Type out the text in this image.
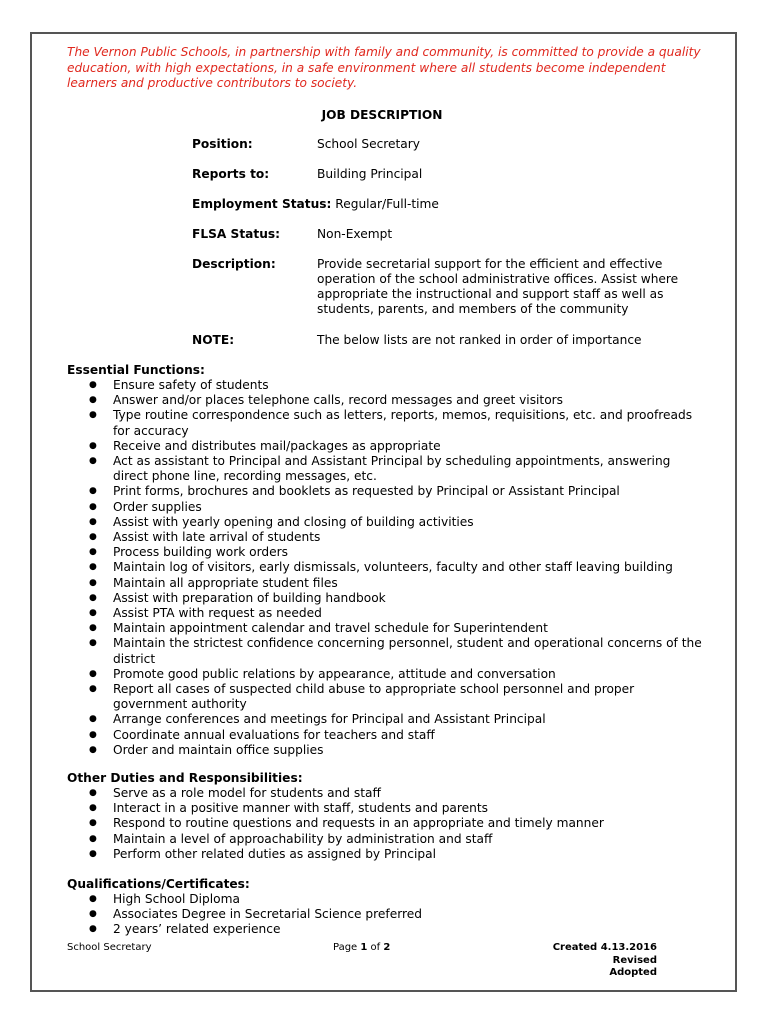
The Vernon Public Schools, in partnership with family and community, is committed to provide a quality education, with high expectations, in a safe environment where all students become independent learners and productive contributors to society.

JOB DESCRIPTION
Position:	School Secretary
Reports to:	Building Principal
Employment Status: Regular/Full-time
FLSA Status:	Non-Exempt
Description:	Provide secretarial support for the efficient and effective operation of the school administrative offices. Assist where appropriate the instructional and support staff as well as students, parents, and members of the community
NOTE:	The below lists are not ranked in order of importance
Essential Functions:
● Ensure safety of students
● Answer and/or places telephone calls, record messages and greet visitors
● Type routine correspondence such as letters, reports, memos, requisitions, etc. and proofreads for accuracy
● Receive and distributes mail/packages as appropriate
● Act as assistant to Principal and Assistant Principal by scheduling appointments, answering direct phone line, recording messages, etc.
● Print forms, brochures and booklets as requested by Principal or Assistant Principal
● Order supplies
● Assist with yearly opening and closing of building activities
● Assist with late arrival of students
● Process building work orders
● Maintain log of visitors, early dismissals, volunteers, faculty and other staff leaving building
● Maintain all appropriate student files
● Assist with preparation of building handbook
● Assist PTA with request as needed
● Maintain appointment calendar and travel schedule for Superintendent
● Maintain the strictest confidence concerning personnel, student and operational concerns of the district
● Promote good public relations by appearance, attitude and conversation
● Report all cases of suspected child abuse to appropriate school personnel and proper government authority
● Arrange conferences and meetings for Principal and Assistant Principal
● Coordinate annual evaluations for teachers and staff
● Order and maintain office supplies
Other Duties and Responsibilities:
● Serve as a role model for students and staff
● Interact in a positive manner with staff, students and parents
● Respond to routine questions and requests in an appropriate and timely manner
● Maintain a level of approachability by administration and staff
● Perform other related duties as assigned by Principal
Qualifications/Certificates:
● High School Diploma
● Associates Degree in Secretarial Science preferred
● 2 years’ related experience
School Secretary	Page 1 of 2	Created 4.13.2016
Revised
Adopted
